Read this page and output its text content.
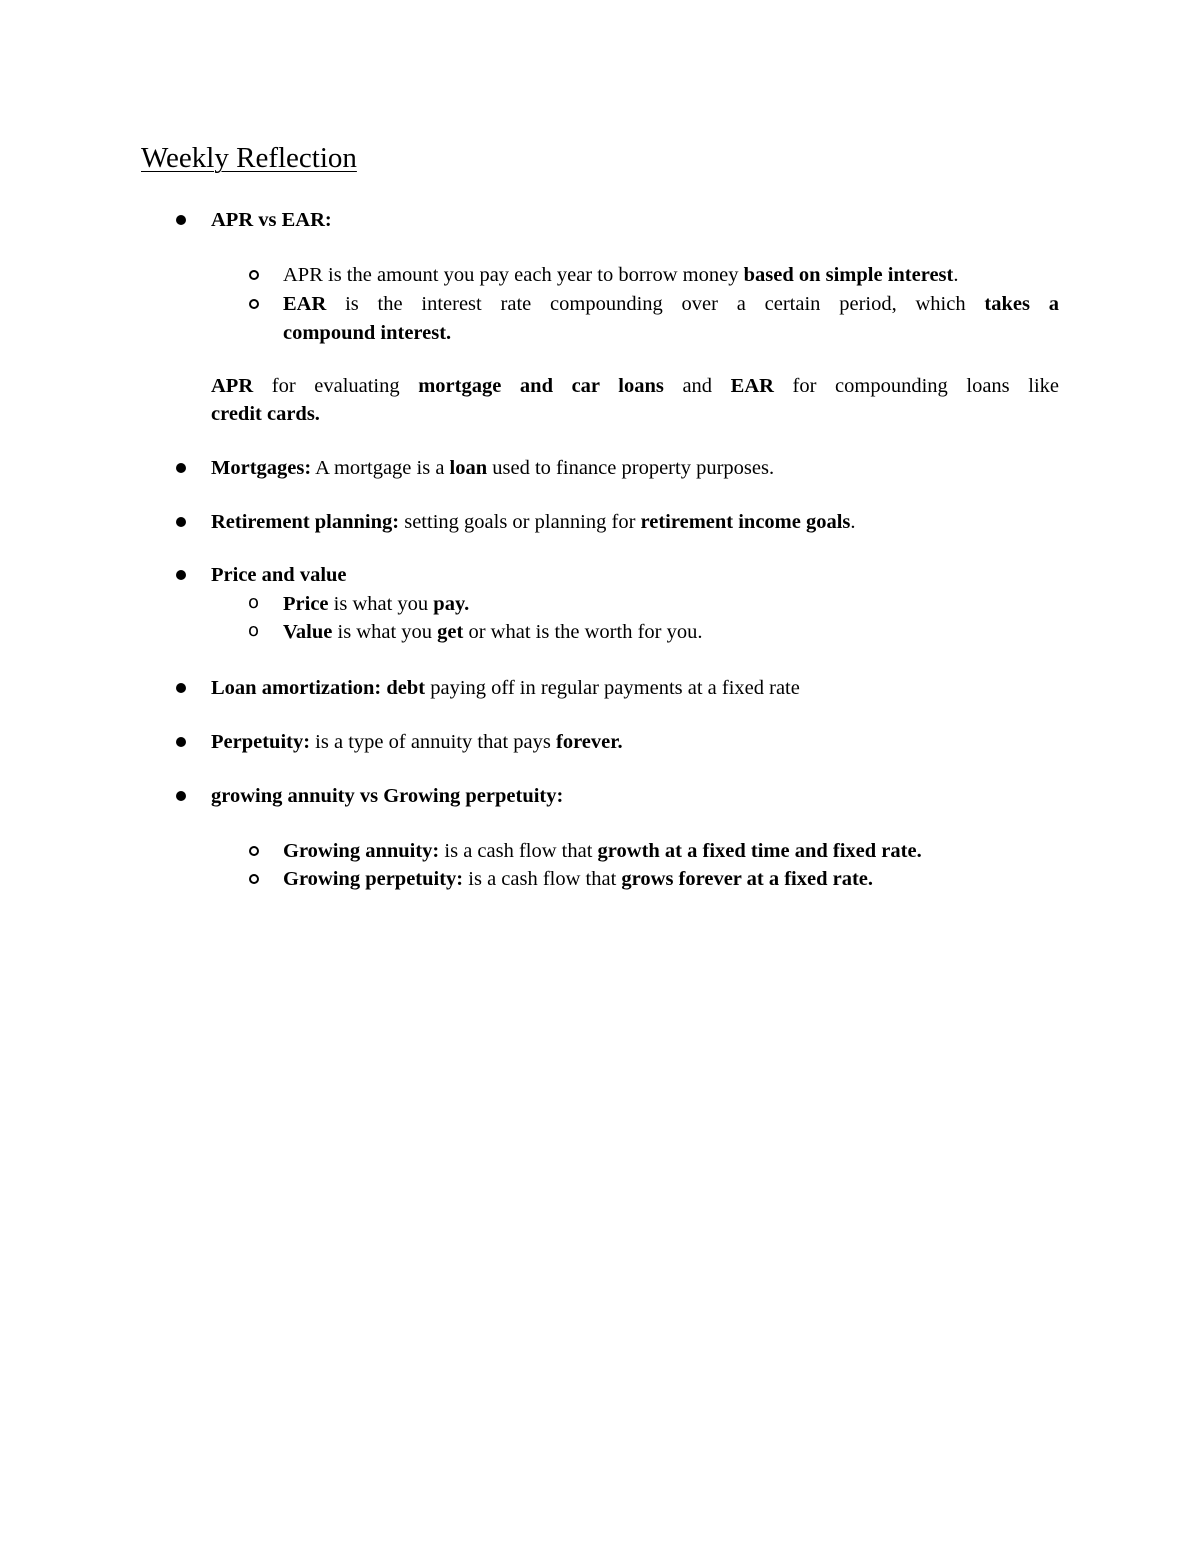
Weekly Reflection
APR vs EAR:
APR is the amount you pay each year to borrow money based on simple interest.
EAR is the interest rate compounding over a certain period, which takes a
compound interest.
APR for evaluating mortgage and car loans and EAR for compounding loans like
credit cards.
Mortgages: A mortgage is a loan used to finance property purposes.
Retirement planning: setting goals or planning for retirement income goals.
Price and value
o Price is what you pay.
o Value is what you get or what is the worth for you.
Loan amortization: debt paying off in regular payments at a fixed rate
Perpetuity: is a type of annuity that pays forever.
growing annuity vs Growing perpetuity:
Growing annuity: is a cash flow that growth at a fixed time and fixed rate.
Growing perpetuity: is a cash flow that grows forever at a fixed rate.
